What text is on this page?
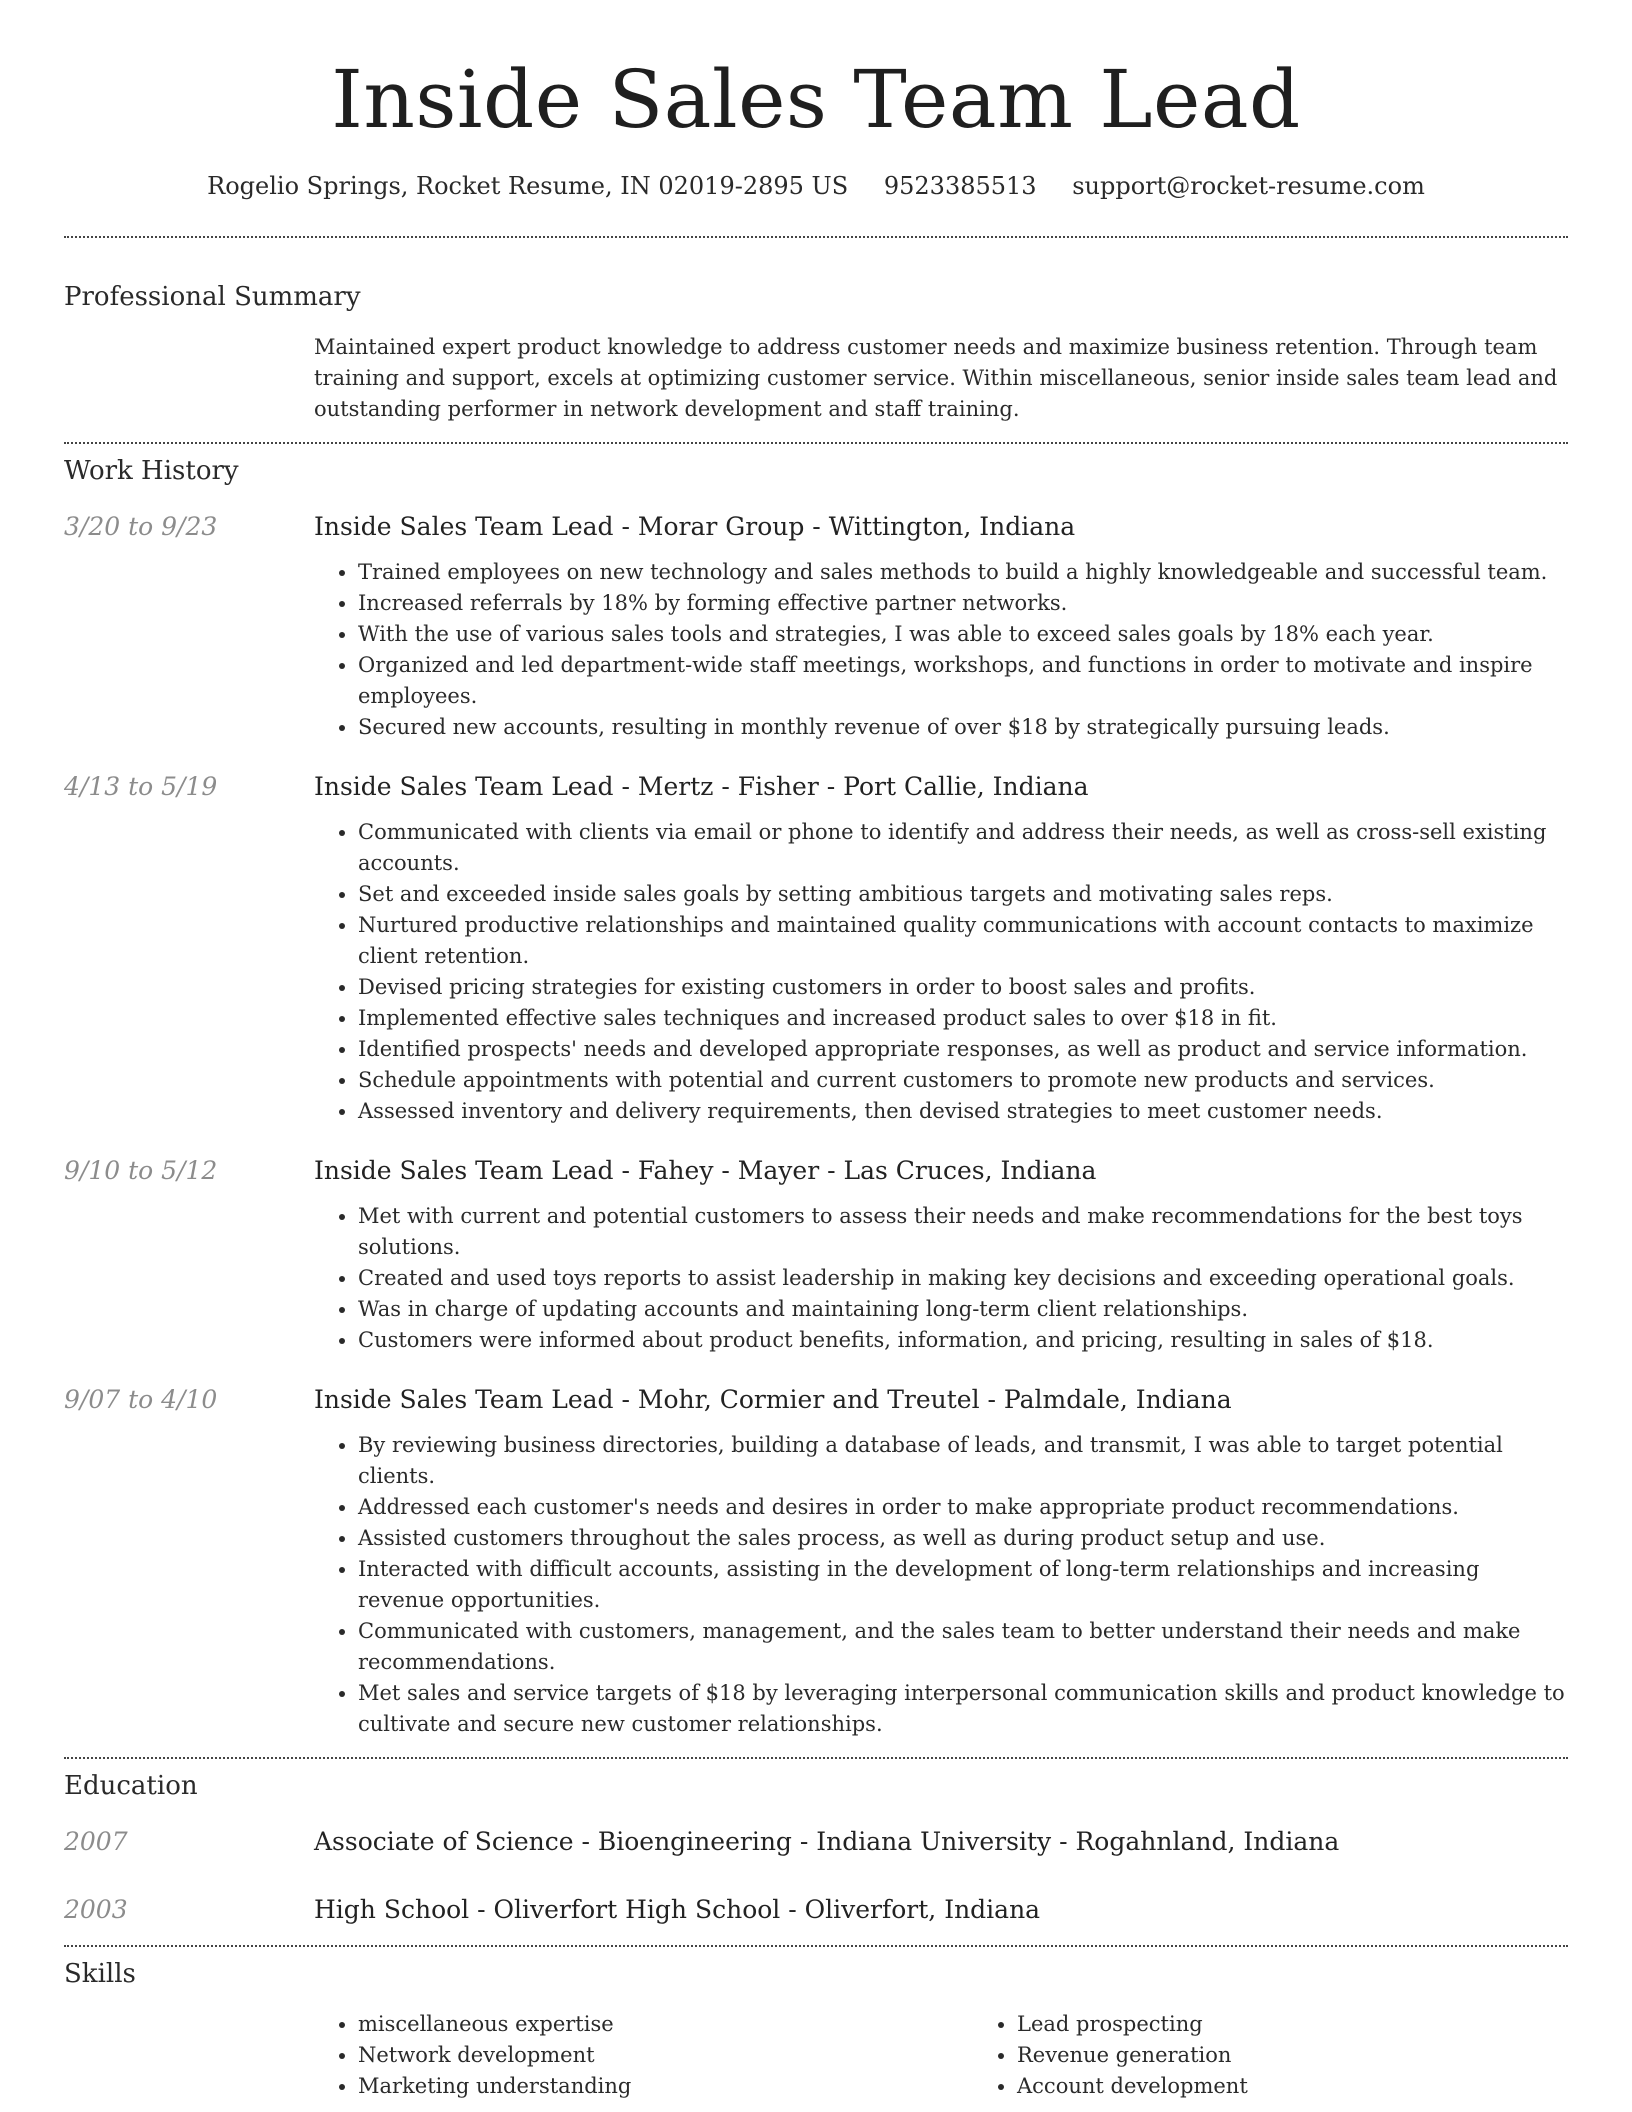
Inside Sales Team Lead
Rogelio Springs, Rocket Resume, IN 02019-2895 US 9523385513 support@rocket-resume.com
Professional Summary
Maintained expert product knowledge to address customer needs and maximize business retention. Through team training and support, excels at optimizing customer service. Within miscellaneous, senior inside sales team lead and outstanding performer in network development and staff training.
Work History
3/20 to 9/23	Inside Sales Team Lead - Morar Group - Wittington, Indiana
• Trained employees on new technology and sales methods to build a highly knowledgeable and successful team.
• Increased referrals by 18% by forming effective partner networks.
• With the use of various sales tools and strategies, I was able to exceed sales goals by 18% each year.
• Organized and led department-wide staff meetings, workshops, and functions in order to motivate and inspire employees.
• Secured new accounts, resulting in monthly revenue of over $18 by strategically pursuing leads.
4/13 to 5/19	Inside Sales Team Lead - Mertz - Fisher - Port Callie, Indiana
• Communicated with clients via email or phone to identify and address their needs, as well as cross-sell existing accounts.
• Set and exceeded inside sales goals by setting ambitious targets and motivating sales reps.
• Nurtured productive relationships and maintained quality communications with account contacts to maximize client retention.
• Devised pricing strategies for existing customers in order to boost sales and profits.
• Implemented effective sales techniques and increased product sales to over $18 in fit.
• Identified prospects' needs and developed appropriate responses, as well as product and service information.
• Schedule appointments with potential and current customers to promote new products and services.
• Assessed inventory and delivery requirements, then devised strategies to meet customer needs.
9/10 to 5/12	Inside Sales Team Lead - Fahey - Mayer - Las Cruces, Indiana
• Met with current and potential customers to assess their needs and make recommendations for the best toys solutions.
• Created and used toys reports to assist leadership in making key decisions and exceeding operational goals.
• Was in charge of updating accounts and maintaining long-term client relationships.
• Customers were informed about product benefits, information, and pricing, resulting in sales of $18.
9/07 to 4/10	Inside Sales Team Lead - Mohr, Cormier and Treutel - Palmdale, Indiana
• By reviewing business directories, building a database of leads, and transmit, I was able to target potential clients.
• Addressed each customer's needs and desires in order to make appropriate product recommendations.
• Assisted customers throughout the sales process, as well as during product setup and use.
• Interacted with difficult accounts, assisting in the development of long-term relationships and increasing revenue opportunities.
• Communicated with customers, management, and the sales team to better understand their needs and make recommendations.
• Met sales and service targets of $18 by leveraging interpersonal communication skills and product knowledge to cultivate and secure new customer relationships.
Education
2007	Associate of Science - Bioengineering - Indiana University - Rogahnland, Indiana
2003	High School - Oliverfort High School - Oliverfort, Indiana
Skills
• miscellaneous expertise
• Network development
• Marketing understanding
• Lead prospecting
• Revenue generation
• Account development
